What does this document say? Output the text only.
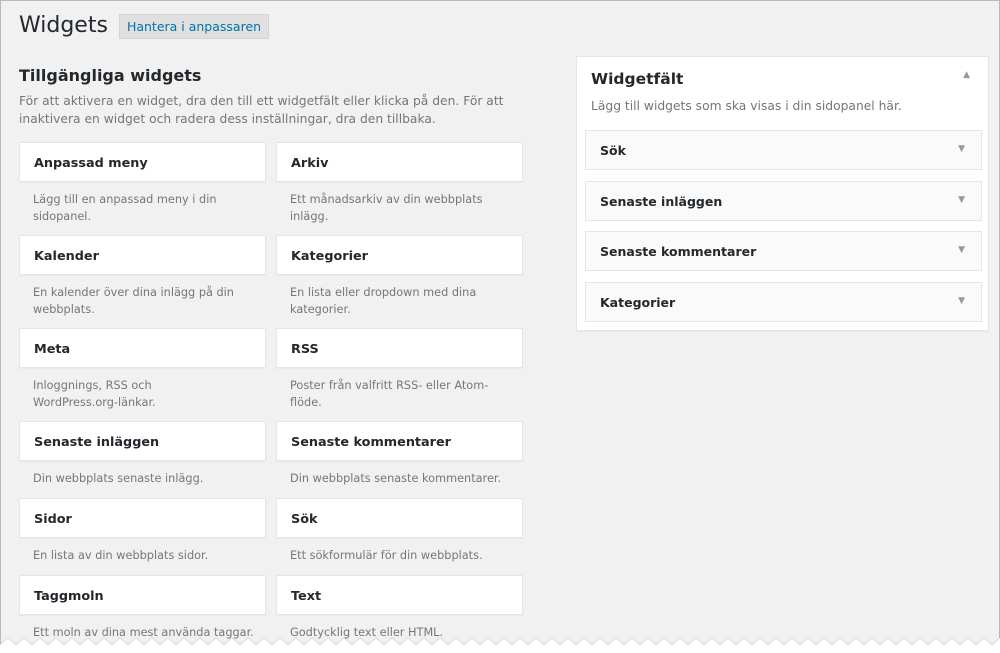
Widgets	Hantera i anpassaren
Tillgängliga widgets
För att aktivera en widget, dra den till ett widgetfält eller klicka på den. För att inaktivera en widget och radera dess inställningar, dra den tillbaka.
Anpassad meny
Lägg till en anpassad meny i din sidopanel.
Arkiv
Ett månadsarkiv av din webbplats inlägg.
Kalender
En kalender över dina inlägg på din webbplats.
Kategorier
En lista eller dropdown med dina kategorier.
Meta
Inloggnings, RSS och WordPress.org-länkar.
RSS
Poster från valfritt RSS- eller Atom-flöde.
Senaste inläggen
Din webbplats senaste inlägg.
Senaste kommentarer
Din webbplats senaste kommentarer.
Sidor
En lista av din webbplats sidor.
Sök
Ett sökformulär för din webbplats.
Taggmoln
Ett moln av dina mest använda taggar.
Text
Godtycklig text eller HTML.
Widgetfält	▲
Lägg till widgets som ska visas i din sidopanel här.
Sök	▼
Senaste inläggen	▼
Senaste kommentarer	▼
Kategorier	▼
